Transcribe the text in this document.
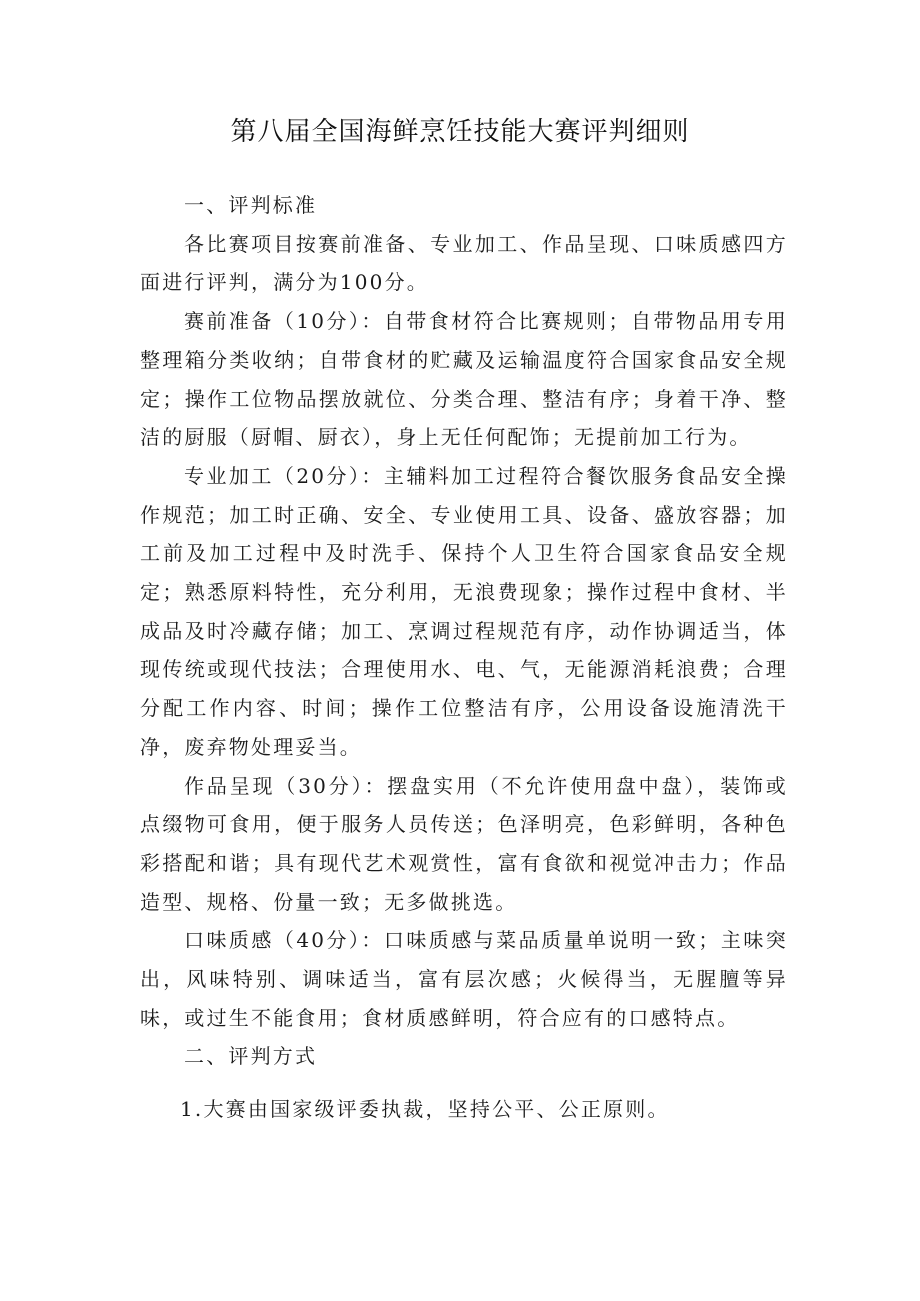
第八届全国海鲜烹饪技能大赛评判细则

一、评判标准

各比赛项目按赛前准备、专业加工、作品呈现、口味质感四方面进行评判，满分为100分。

赛前准备（10分）：自带食材符合比赛规则；自带物品用专用整理箱分类收纳；自带食材的贮藏及运输温度符合国家食品安全规定；操作工位物品摆放就位、分类合理、整洁有序；身着干净、整洁的厨服（厨帽、厨衣），身上无任何配饰；无提前加工行为。

专业加工（20分）：主辅料加工过程符合餐饮服务食品安全操作规范；加工时正确、安全、专业使用工具、设备、盛放容器；加工前及加工过程中及时洗手、保持个人卫生符合国家食品安全规定；熟悉原料特性，充分利用，无浪费现象；操作过程中食材、半成品及时冷藏存储；加工、烹调过程规范有序，动作协调适当，体现传统或现代技法；合理使用水、电、气，无能源消耗浪费；合理分配工作内容、时间；操作工位整洁有序，公用设备设施清洗干净，废弃物处理妥当。

作品呈现（30分）：摆盘实用（不允许使用盘中盘），装饰或点缀物可食用，便于服务人员传送；色泽明亮，色彩鲜明，各种色彩搭配和谐；具有现代艺术观赏性，富有食欲和视觉冲击力；作品造型、规格、份量一致；无多做挑选。

口味质感（40分）：口味质感与菜品质量单说明一致；主味突出，风味特别、调味适当，富有层次感；火候得当，无腥膻等异味，或过生不能食用；食材质感鲜明，符合应有的口感特点。

二、评判方式

1.大赛由国家级评委执裁，坚持公平、公正原则。
